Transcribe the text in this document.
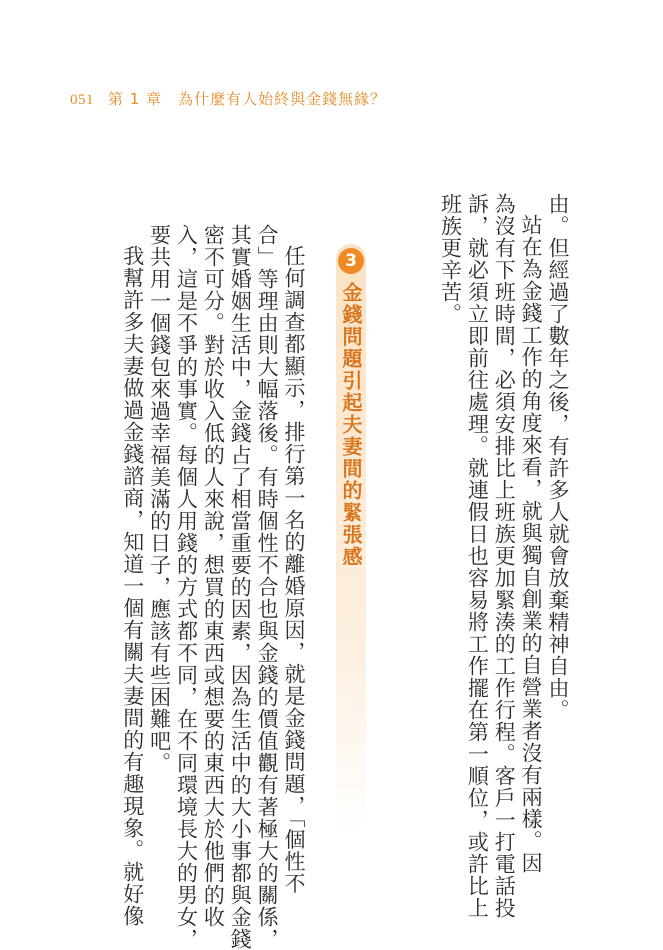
051 第 1 章　為什麼有人始終與金錢無緣？

由。但經過了數年之後，有許多人就會放棄精神自由。

站在為金錢工作的角度來看，就與獨自創業的自營業者沒有兩樣。因

為沒有下班時間，必須安排比上班族更加緊湊的工作行程。客戶一打電話投

訴，就必須立即前往處理。就連假日也容易將工作擺在第一順位，或許比上

班族更辛苦。

3
金錢問題引起夫妻間的緊張感

任何調查都顯示，排行第一名的離婚原因，就是金錢問題，「個性不

合」等理由則大幅落後。有時個性不合也與金錢的價值觀有著極大的關係，

其實婚姻生活中，金錢占了相當重要的因素，因為生活中的大小事都與金錢

密不可分。對於收入低的人來說，想買的東西或想要的東西大於他們的收

入，這是不爭的事實。每個人用錢的方式都不同，在不同環境長大的男女，

要共用一個錢包來過幸福美滿的日子，應該有些困難吧。

我幫許多夫妻做過金錢諮商，知道一個有關夫妻間的有趣現象。就好像
